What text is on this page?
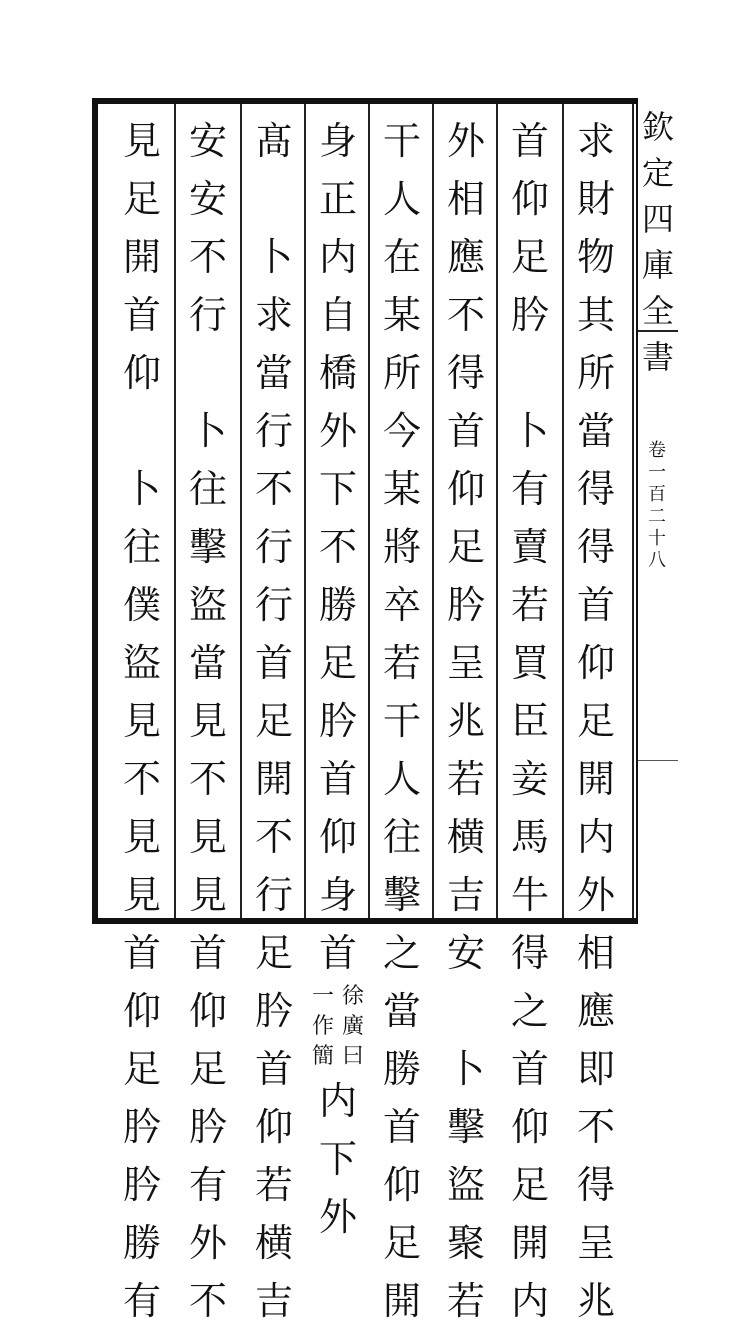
求
財
物
其
所
當
得
得
首
仰
足
開
内
外
相
應
即
不
得
呈
兆
首
仰
足
肣
卜
有
賣
若
買
臣
妾
馬
牛
得
之
首
仰
足
開
内
外
相
應
不
得
首
仰
足
肣
呈
兆
若
横
吉
安
卜
擊
盜
聚
若
干
人
在
某
所
今
某
將
卒
若
干
人
往
擊
之
當
勝
首
仰
足
開
身
正
内
自
橋
外
下
不
勝
足
肣
首
仰
身
首
一
作
簡
徐
廣
曰
内
下
外
髙
卜
求
當
行
不
行
行
首
足
開
不
行
足
肣
首
仰
若
横
吉
安
安
不
行
卜
往
擊
盜
當
見
不
見
見
首
仰
足
肣
有
外
不
見
足
開
首
仰
卜
往
僕
盜
見
不
見
見
首
仰
足
肣
肣
勝
有
欽
定
四
庫
全
書
卷
一
百
二
十
八
